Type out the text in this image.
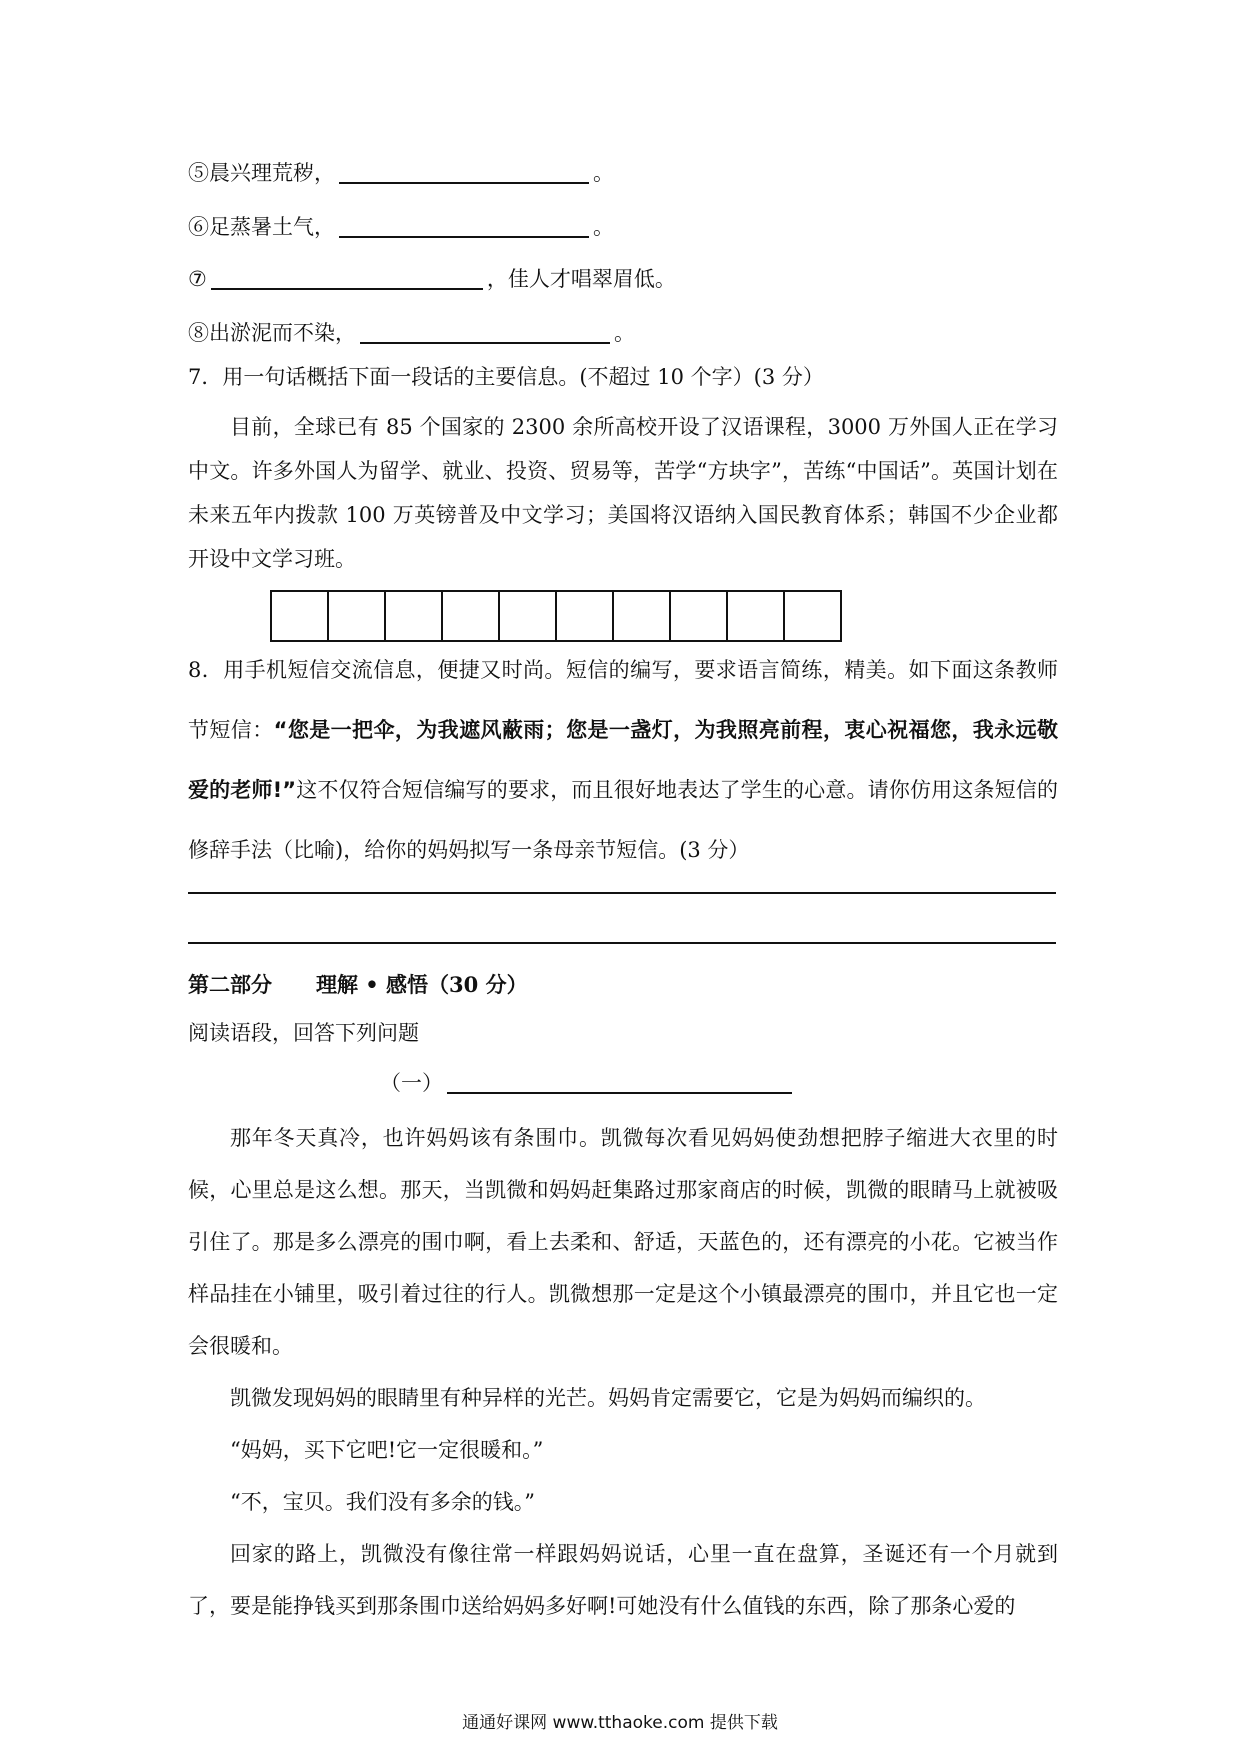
⑤晨兴理荒秽，	。
⑥足蒸暑土气，	。
⑦	，佳人才唱翠眉低。
⑧出淤泥而不染，	。
7．用一句话概括下面一段话的主要信息。(不超过 10 个字）(3 分）
目前，全球已有 85 个国家的 2300 余所高校开设了汉语课程，3000 万外国人正在学习中文。许多外国人为留学、就业、投资、贸易等，苦学“方块字”，苦练“中国话”。英国计划在未来五年内拨款 100 万英镑普及中文学习；美国将汉语纳入国民教育体系；韩国不少企业都开设中文学习班。
8．用手机短信交流信息，便捷又时尚。短信的编写，要求语言简练，精美。如下面这条教师节短信：“您是一把伞，为我遮风蔽雨；您是一盏灯，为我照亮前程，衷心祝福您，我永远敬爱的老师!”这不仅符合短信编写的要求，而且很好地表达了学生的心意。请你仿用这条短信的修辞手法（比喻)，给你的妈妈拟写一条母亲节短信。(3 分）
第二部分 理解 • 感悟（30 分）
阅读语段，回答下列问题
（一）
那年冬天真冷，也许妈妈该有条围巾。凯微每次看见妈妈使劲想把脖子缩进大衣里的时候，心里总是这么想。那天，当凯微和妈妈赶集路过那家商店的时候，凯微的眼睛马上就被吸引住了。那是多么漂亮的围巾啊，看上去柔和、舒适，天蓝色的，还有漂亮的小花。它被当作样品挂在小铺里，吸引着过往的行人。凯微想那一定是这个小镇最漂亮的围巾，并且它也一定会很暖和。
凯微发现妈妈的眼睛里有种异样的光芒。妈妈肯定需要它，它是为妈妈而编织的。
“妈妈，买下它吧!它一定很暖和。”
“不，宝贝。我们没有多余的钱。”
回家的路上，凯微没有像往常一样跟妈妈说话，心里一直在盘算，圣诞还有一个月就到了，要是能挣钱买到那条围巾送给妈妈多好啊!可她没有什么值钱的东西，除了那条心爱的
通通好课网 www.tthaoke.com 提供下载
